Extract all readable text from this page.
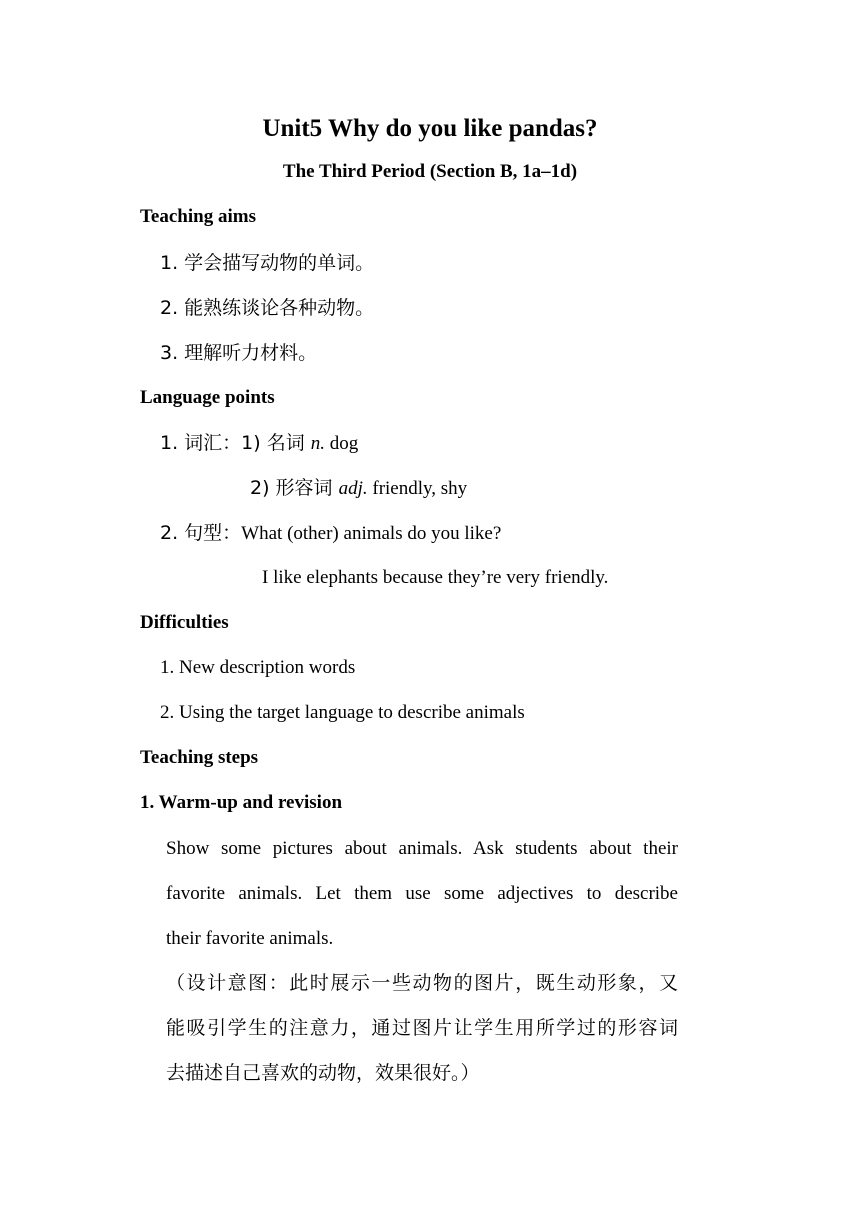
Unit5 Why do you like pandas?
The Third Period (Section B, 1a–1d)
Teaching aims
1. 学会描写动物的单词。
2. 能熟练谈论各种动物。
3. 理解听力材料。
Language points
1. 词汇：1) 名词 n. dog
2) 形容词 adj. friendly, shy
2. 句型：What (other) animals do you like?
I like elephants because they’re very friendly.
Difficulties
1. New description words
2. Using the target language to describe animals
Teaching steps
1. Warm-up and revision
Show some pictures about animals. Ask students about their
favorite animals. Let them use some adjectives to describe
their favorite animals.
（设计意图：此时展示一些动物的图片，既生动形象，又
能吸引学生的注意力，通过图片让学生用所学过的形容词
去描述自己喜欢的动物，效果很好。）
